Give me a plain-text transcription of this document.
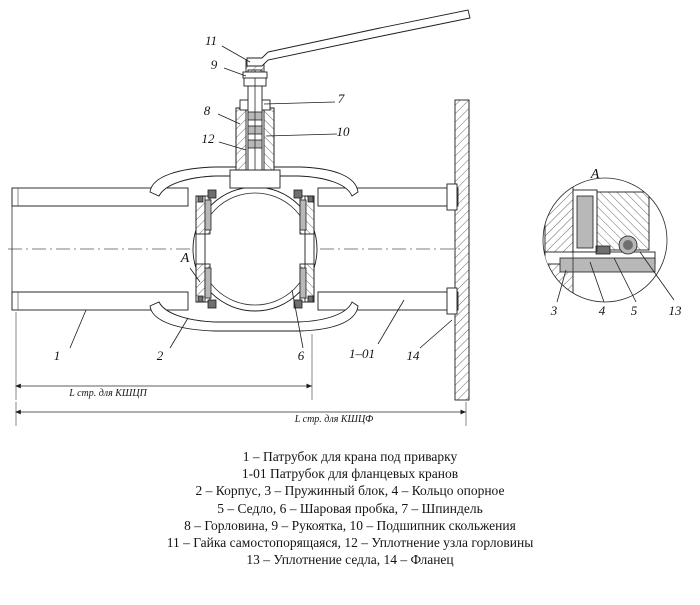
1	2	6	1–01 14
11
9
8
12
7
10
A
A
3	4 5 13
L стр. для КШЦП
L стр. для КШЦФ
1 – Патрубок для крана под приварку
1-01 Патрубок для фланцевых кранов
2 – Корпус, 3 – Пружинный блок, 4 – Кольцо опорное
5 – Седло, 6 – Шаровая пробка, 7 – Шпиндель
8 – Горловина, 9 – Рукоятка, 10 – Подшипник скольжения
11 – Гайка самостопорящаяся, 12 – Уплотнение узла горловины
13 – Уплотнение седла, 14 – Фланец
